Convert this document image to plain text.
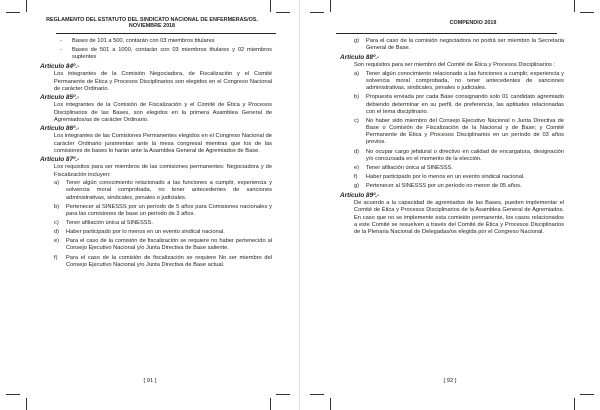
REGLAMENTO DEL ESTATUTO DEL SINDICATO NACIONAL DE ENFERMERAS/OS.
NOVIEMBRE 2018
-	Bases de 101 a 500, contarán con 03 miembros titulares
-	Bases de 501 a 1000, contarán con 03 miembros titulares y 02 miembros suplentes
Artículo 84º.-
Los integrantes de la Comisión Negociadora, de Fiscalización y el Comité Permanente de Ética y Procesos Disciplinarios son elegidos en el Congreso Nacional de carácter Ordinario.
Artículo 85º.-
Los integrantes de la Comisión de Fiscalización y el Comité de Ética y Procesos Disciplinarios de las Bases, son elegidos en la primera Asamblea General de Agremiados/as de carácter Ordinario.
Artículo 86º.-
Los integrantes de las Comisiones Permanentes elegidos en el Congreso Nacional de carácter Ordinario juramentan ante la mesa congresal mientras que los de las comisiones de bases lo harán ante la Asamblea General de Agremiados de Base.
Artículo 87º.-
Los requisitos para ser miembros de las comisiones permanentes: Negociadora y de Fiscalización incluyen:
a)	Tener algún conocimiento relacionado a las funciones a cumplir, experiencia y solvencia moral comprobada, no tener antecedentes de sanciones administrativas, sindicales, penales o judiciales.
b)	Pertenecer al SINESSS por un período de 5 años para Comisiones nacionales y para las comisiones de base un período de 3 años.
c)	Tener afiliación única al SINESSS.
d)	Haber participado por lo menos en un evento sindical nacional.
e)	Para el caso de la comisión de fiscalización se requiere no haber pertenecido al Consejo Ejecutivo Nacional y/o Junta Directiva de Base saliente.
f)	Para el caso de la comisión de fiscalización se requiere No ser miembro del Consejo Ejecutivo Nacional y/o Junta Directiva de Base actual.
[ 91 ]
COMPENDIO 2019
g)	Para el caso de la comisión negociadora no podrá ser miembro la Secretaria General de Base.
Artículo 88º.-
Son requisitos para ser miembro del Comité de Ética y Procesos Disciplinarios :
a)	Tener algún conocimiento relacionado a las funciones a cumplir, experiencia y solvencia moral comprobada, no tener antecedentes de sanciones administrativas, sindicales, penales o judiciales.
b)	Propuesta enviada por cada Base consignando solo 01 candidato agremiado debiendo determinar en su perfil, de preferencia, las aptitudes relacionadas con el tema disciplinario.
c)	No haber sido miembro del Consejo Ejecutivo Nacional o Junta Directiva de Base o Comisión de Fiscalización de la Nacional y de Base; y Comité Permanente de Ética y Procesos Disciplinarios en un período de 03 años previos.
d)	No ocupar cargo jefatural o directivo en calidad de encargatura, designación y/o concursada en el momento de la elección.
e)	Tener afiliación única al SINESSS.
f)	Haber participado por lo menos en un evento sindical nacional.
g)	Pertenecer al SINESSS por un período no menor de 05 años.
Artículo 89º.-
De acuerdo a la capacidad de agremiados de las Bases, pueden implementar el Comité de Ética y Procesos Disciplinarios de la Asamblea General de Agremiados. En caso que no se implemente esta comisión permanente, los casos relacionados a este Comité se resuelven a través del Comité de Ética y Procesos Disciplinarios de la Plenaria Nacional de Delegadas/os elegida por el Congreso Nacional.
[ 92 ]
